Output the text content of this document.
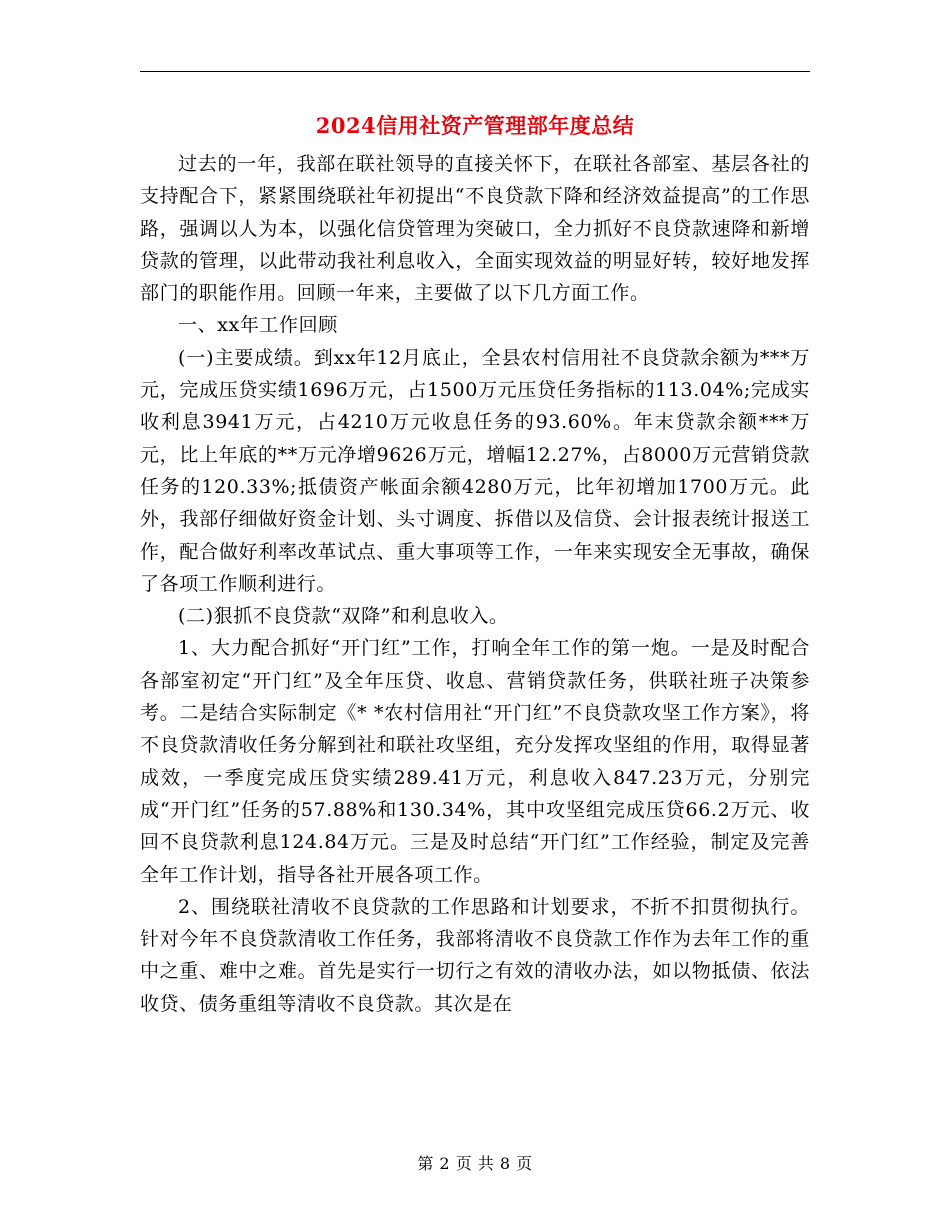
2024信用社资产管理部年度总结

过去的一年，我部在联社领导的直接关怀下，在联社各部室、基层各社的支持配合下，紧紧围绕联社年初提出“不良贷款下降和经济效益提高”的工作思路，强调以人为本，以强化信贷管理为突破口，全力抓好不良贷款速降和新增贷款的管理，以此带动我社利息收入，全面实现效益的明显好转，较好地发挥部门的职能作用。回顾一年来，主要做了以下几方面工作。

一、xx年工作回顾

(一)主要成绩。到xx年12月底止，全县农村信用社不良贷款余额为***万元，完成压贷实绩1696万元，占1500万元压贷任务指标的113.04%;完成实收利息3941万元，占4210万元收息任务的93.60%。年末贷款余额***万元，比上年底的**万元净增9626万元，增幅12.27%，占8000万元营销贷款任务的120.33%;抵债资产帐面余额4280万元，比年初增加1700万元。此外，我部仔细做好资金计划、头寸调度、拆借以及信贷、会计报表统计报送工作，配合做好利率改革试点、重大事项等工作，一年来实现安全无事故，确保了各项工作顺利进行。

(二)狠抓不良贷款“双降”和利息收入。

1、大力配合抓好“开门红”工作，打响全年工作的第一炮。一是及时配合各部室初定“开门红”及全年压贷、收息、营销贷款任务，供联社班子决策参考。二是结合实际制定《* *农村信用社“开门红”不良贷款攻坚工作方案》，将不良贷款清收任务分解到社和联社攻坚组，充分发挥攻坚组的作用，取得显著成效，一季度完成压贷实绩289.41万元，利息收入847.23万元，分别完成“开门红”任务的57.88%和130.34%，其中攻坚组完成压贷66.2万元、收回不良贷款利息124.84万元。三是及时总结“开门红”工作经验，制定及完善全年工作计划，指导各社开展各项工作。

2、围绕联社清收不良贷款的工作思路和计划要求，不折不扣贯彻执行。针对今年不良贷款清收工作任务，我部将清收不良贷款工作作为去年工作的重中之重、难中之难。首先是实行一切行之有效的清收办法，如以物抵债、依法收贷、债务重组等清收不良贷款。其次是在

第 2 页 共 8 页
